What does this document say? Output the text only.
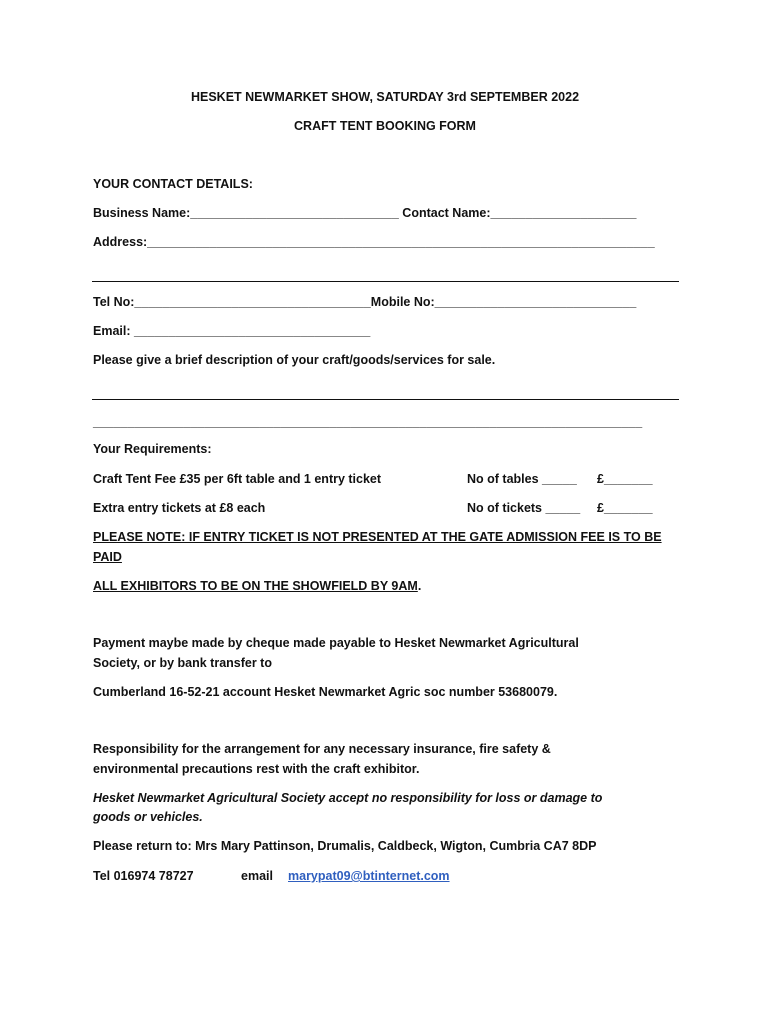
HESKET NEWMARKET SHOW, SATURDAY 3rd SEPTEMBER 2022
CRAFT TENT BOOKING FORM
YOUR CONTACT DETAILS:
Business Name:______________________________ Contact Name:_____________________
Address:_________________________________________________________________________
Tel No:__________________________________Mobile No:_____________________________
Email: __________________________________
Please give a brief description of your craft/goods/services for sale.
_______________________________________________________________________________
Your Requirements:
Craft Tent Fee £35 per 6ft table and 1 entry ticket	No of tables _____ £_______
Extra entry tickets at £8 each	No of tickets _____ £_______
PLEASE NOTE: IF ENTRY TICKET IS NOT PRESENTED AT THE GATE ADMISSION FEE IS TO BE
PAID
ALL EXHIBITORS TO BE ON THE SHOWFIELD BY 9AM.
Payment maybe made by cheque made payable to Hesket Newmarket Agricultural
Society, or by bank transfer to
Cumberland 16-52-21 account Hesket Newmarket Agric soc number 53680079.
Responsibility for the arrangement for any necessary insurance, fire safety &
environmental precautions rest with the craft exhibitor.
Hesket Newmarket Agricultural Society accept no responsibility for loss or damage to
goods or vehicles.
Please return to: Mrs Mary Pattinson, Drumalis, Caldbeck, Wigton, Cumbria CA7 8DP
Tel 016974 78727	email marypat09@btinternet.com
